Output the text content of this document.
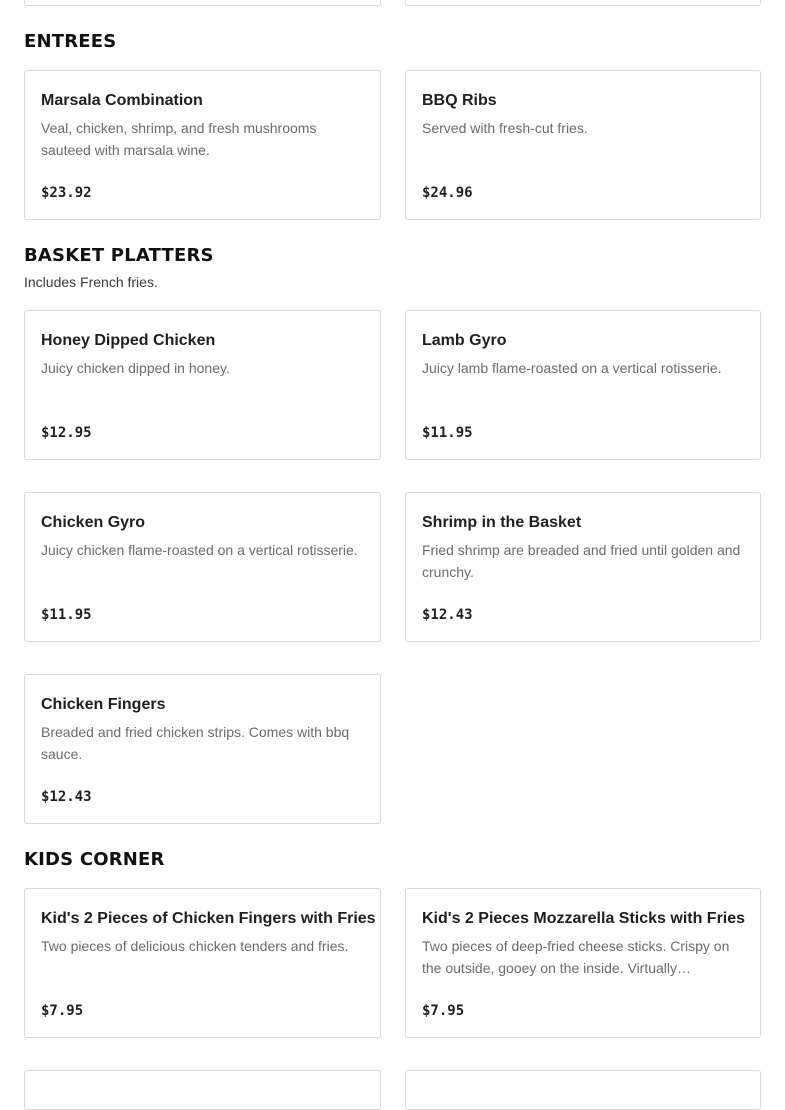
ENTREES
Marsala Combination
Veal, chicken, shrimp, and fresh mushrooms sauteed with marsala wine.
$23.92
BBQ Ribs
Served with fresh-cut fries.
$24.96
BASKET PLATTERS

Includes French fries.

Honey Dipped Chicken
Juicy chicken dipped in honey.
$12.95
Lamb Gyro
Juicy lamb flame-roasted on a vertical rotisserie.
$11.95
Chicken Gyro
Juicy chicken flame-roasted on a vertical rotisserie.
$11.95
Shrimp in the Basket
Fried shrimp are breaded and fried until golden and crunchy.
$12.43
Chicken Fingers
Breaded and fried chicken strips. Comes with bbq sauce.
$12.43
KIDS CORNER
Kid's 2 Pieces of Chicken Fingers with Fries
Two pieces of delicious chicken tenders and fries.
$7.95
Kid's 2 Pieces Mozzarella Sticks with Fries
Two pieces of deep-fried cheese sticks. Crispy on the outside, gooey on the inside. Virtually…
$7.95
